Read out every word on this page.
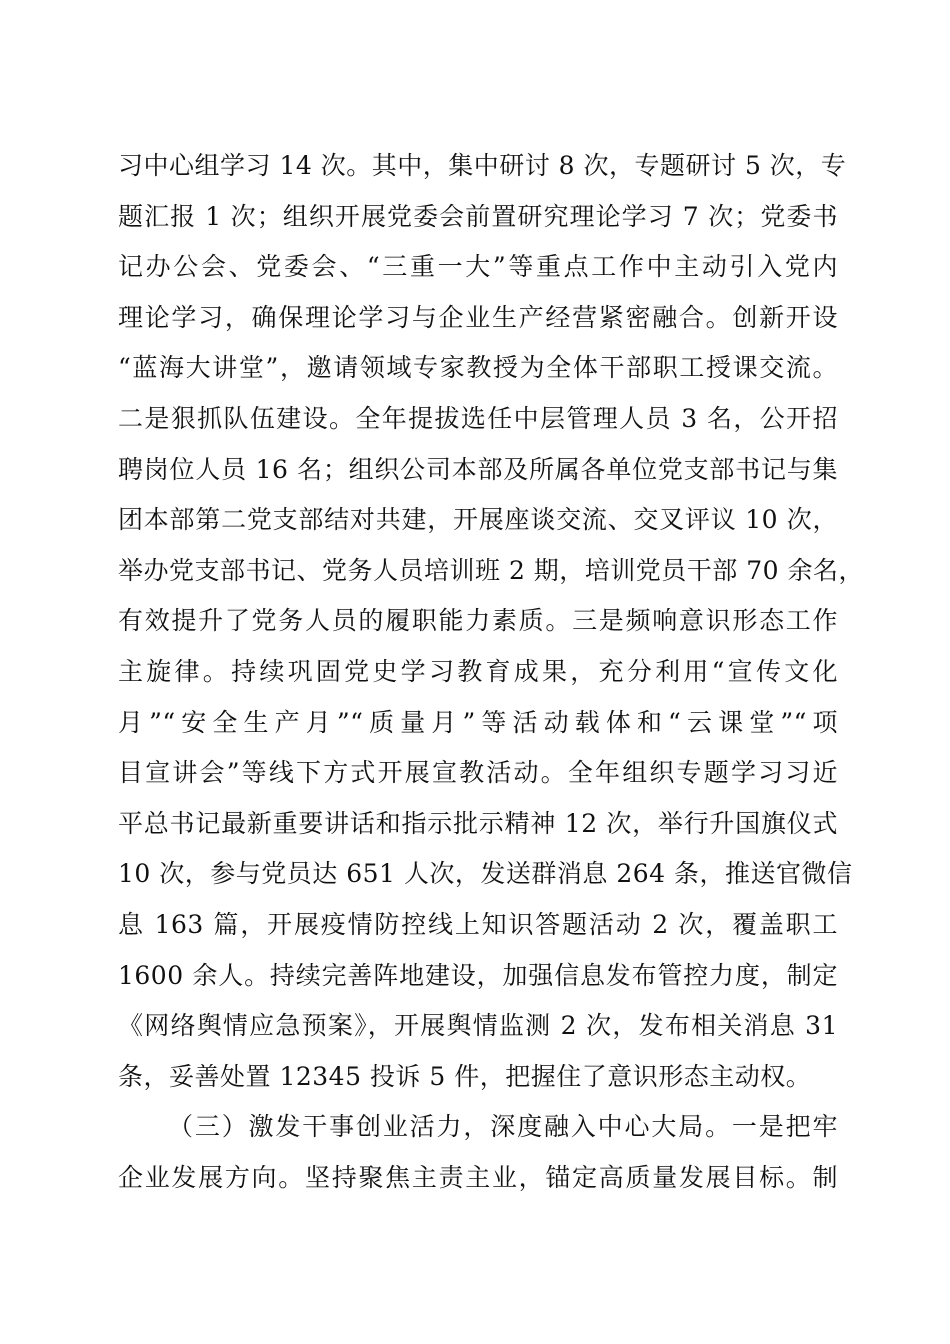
习中心组学习 14 次。其中，集中研讨 8 次，专题研讨 5 次，专
题汇报 1 次；组织开展党委会前置研究理论学习 7 次；党委书
记办公会、党委会、“三重一大”等重点工作中主动引入党内
理论学习，确保理论学习与企业生产经营紧密融合。创新开设
“蓝海大讲堂”，邀请领域专家教授为全体干部职工授课交流。
二是狠抓队伍建设。全年提拔选任中层管理人员 3 名，公开招
聘岗位人员 16 名；组织公司本部及所属各单位党支部书记与集
团本部第二党支部结对共建，开展座谈交流、交叉评议 10 次，
举办党支部书记、党务人员培训班 2 期，培训党员干部 70 余名，
有效提升了党务人员的履职能力素质。三是频响意识形态工作
主旋律。持续巩固党史学习教育成果，充分利用“宣传文化
月”“安全生产月”“质量月”等活动载体和“云课堂”“项
目宣讲会”等线下方式开展宣教活动。全年组织专题学习习近
平总书记最新重要讲话和指示批示精神 12 次，举行升国旗仪式
10 次，参与党员达 651 人次，发送群消息 264 条，推送官微信
息 163 篇，开展疫情防控线上知识答题活动 2 次，覆盖职工
1600 余人。持续完善阵地建设，加强信息发布管控力度，制定
《网络舆情应急预案》，开展舆情监测 2 次，发布相关消息 31
条，妥善处置 12345 投诉 5 件，把握住了意识形态主动权。
（三）激发干事创业活力，深度融入中心大局。一是把牢
企业发展方向。坚持聚焦主责主业，锚定高质量发展目标。制
